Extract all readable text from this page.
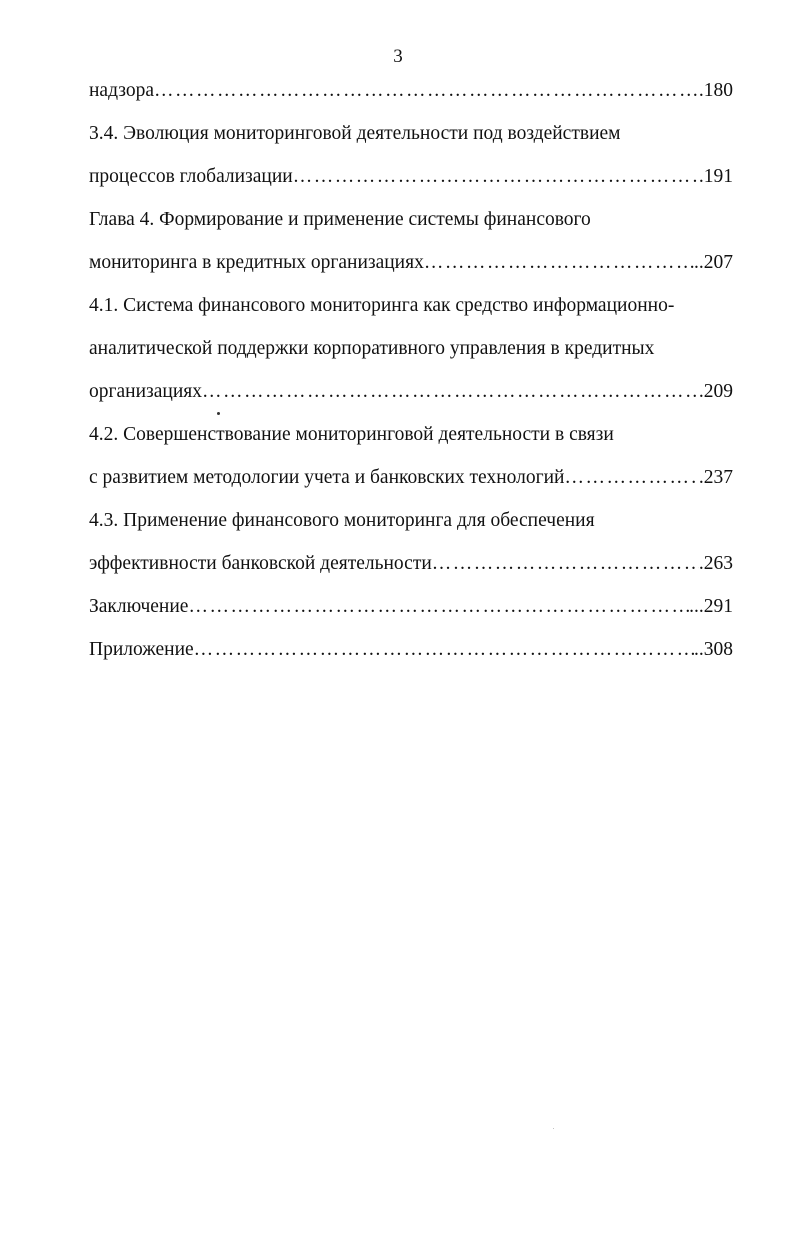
3
надзора …………………………………………………………………………………………………………………………………………………………	.180
3.4. Эволюция мониторинговой деятельности под воздействием
процессов глобализации …………………………………………………………………………………………………………………………………………………………	.191
Глава 4. Формирование и применение системы финансового
мониторинга в кредитных организациях …………………………………………………………………………………………………………………………………………………………	..207
4.1. Система финансового мониторинга как средство информационно-
аналитической поддержки корпоративного управления в кредитных
организациях …………………………………………………………………………………………………………………………………………………………	.209
4.2. Совершенствование мониторинговой деятельности в связи
с развитием методологии учета и банковских технологий …………………………………………………………………………………………………………………………………………………………	.237
4.3. Применение финансового мониторинга для обеспечения
эффективности банковской деятельности …………………………………………………………………………………………………………………………………………………………	.263
Заключение …………………………………………………………………………………………………………………………………………………………	...291
Приложение …………………………………………………………………………………………………………………………………………………………	..308
